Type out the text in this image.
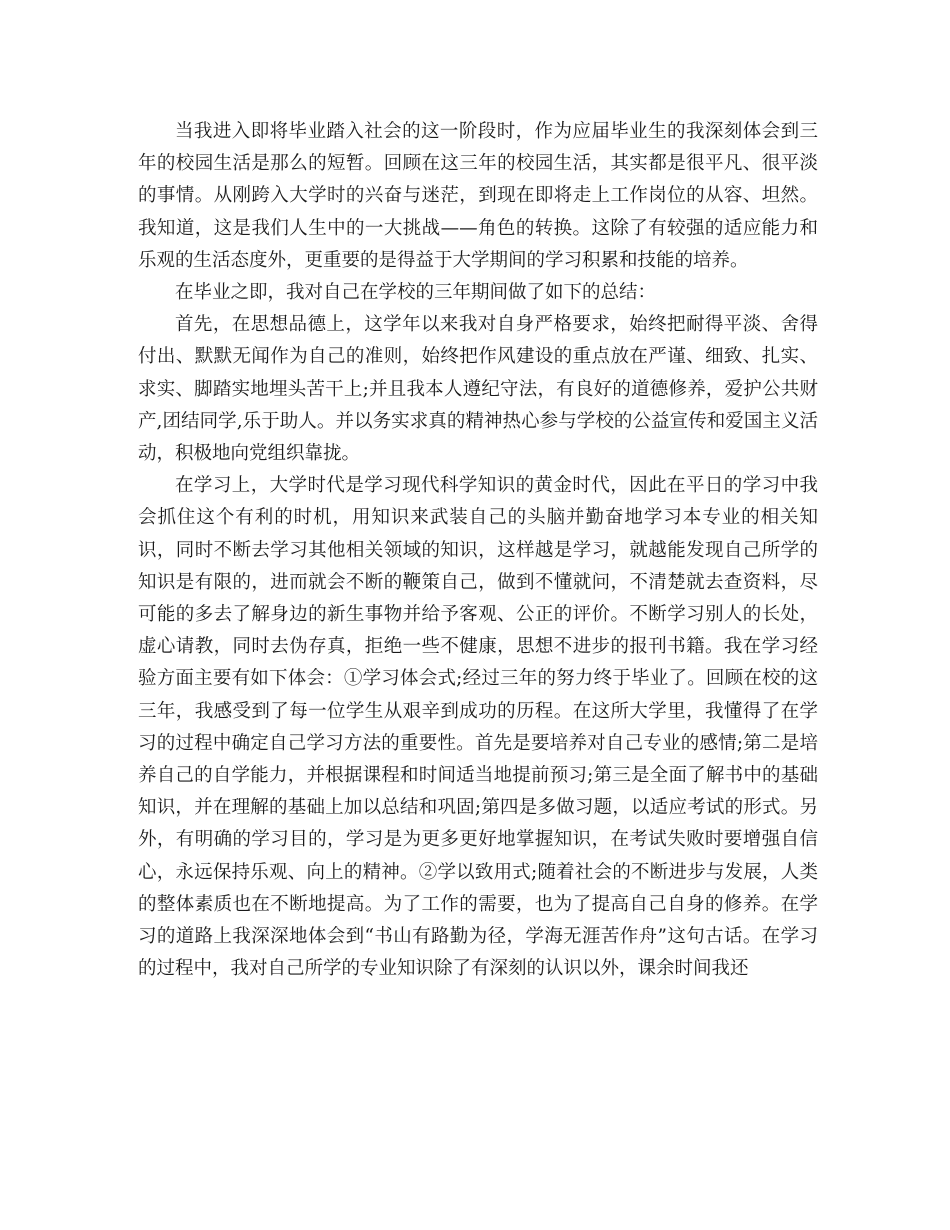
当我进入即将毕业踏入社会的这一阶段时，作为应届毕业生的我深刻体会到三年的校园生活是那么的短暂。回顾在这三年的校园生活，其实都是很平凡、很平淡的事情。从刚跨入大学时的兴奋与迷茫，到现在即将走上工作岗位的从容、坦然。我知道，这是我们人生中的一大挑战——角色的转换。这除了有较强的适应能力和乐观的生活态度外，更重要的是得益于大学期间的学习积累和技能的培养。

在毕业之即，我对自己在学校的三年期间做了如下的总结：

首先，在思想品德上，这学年以来我对自身严格要求，始终把耐得平淡、舍得付出、默默无闻作为自己的准则，始终把作风建设的重点放在严谨、细致、扎实、求实、脚踏实地埋头苦干上;并且我本人遵纪守法，有良好的道德修养，爱护公共财产,团结同学,乐于助人。并以务实求真的精神热心参与学校的公益宣传和爱国主义活动，积极地向党组织靠拢。

在学习上，大学时代是学习现代科学知识的黄金时代，因此在平日的学习中我会抓住这个有利的时机，用知识来武装自己的头脑并勤奋地学习本专业的相关知识，同时不断去学习其他相关领域的知识，这样越是学习，就越能发现自己所学的知识是有限的，进而就会不断的鞭策自己，做到不懂就问，不清楚就去查资料，尽可能的多去了解身边的新生事物并给予客观、公正的评价。不断学习别人的长处，虚心请教，同时去伪存真，拒绝一些不健康，思想不进步的报刊书籍。我在学习经验方面主要有如下体会：①学习体会式;经过三年的努力终于毕业了。回顾在校的这三年，我感受到了每一位学生从艰辛到成功的历程。在这所大学里，我懂得了在学习的过程中确定自己学习方法的重要性。首先是要培养对自己专业的感情;第二是培养自己的自学能力，并根据课程和时间适当地提前预习;第三是全面了解书中的基础知识，并在理解的基础上加以总结和巩固;第四是多做习题，以适应考试的形式。另外，有明确的学习目的，学习是为更多更好地掌握知识，在考试失败时要增强自信心，永远保持乐观、向上的精神。②学以致用式;随着社会的不断进步与发展，人类的整体素质也在不断地提高。为了工作的需要，也为了提高自己自身的修养。在学习的道路上我深深地体会到“书山有路勤为径，学海无涯苦作舟”这句古话。在学习的过程中，我对自己所学的专业知识除了有深刻的认识以外，课余时间我还
